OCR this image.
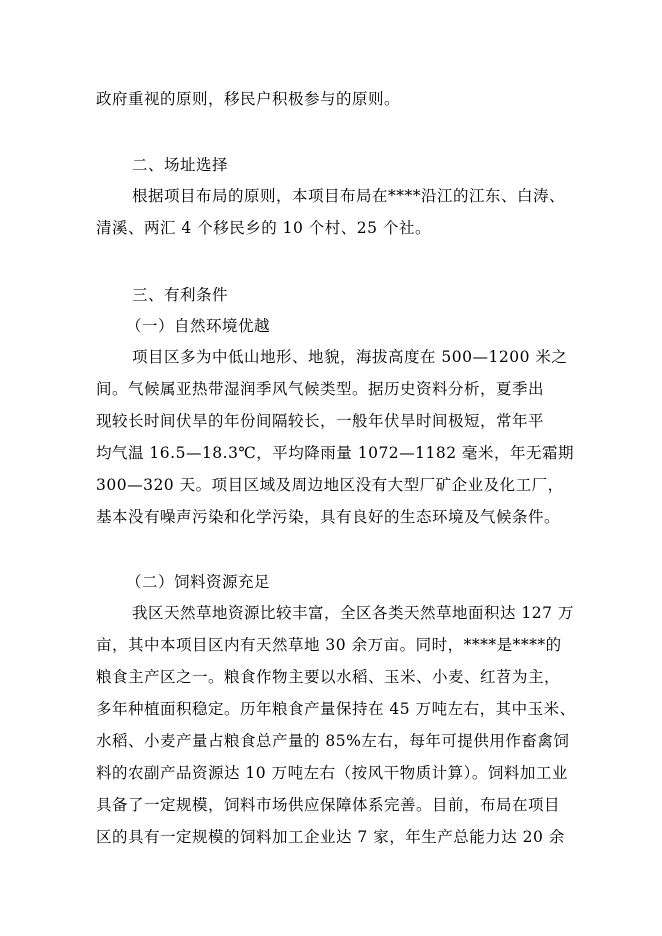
政府重视的原则，移民户积极参与的原则。
二、场址选择
根据项目布局的原则，本项目布局在****沿江的江东、白涛、
清溪、两汇 4 个移民乡的 10 个村、25 个社。
三、有利条件
（一）自然环境优越
项目区多为中低山地形、地貌，海拔高度在 500—1200 米之
间。气候属亚热带湿润季风气候类型。据历史资料分析，夏季出
现较长时间伏旱的年份间隔较长，一般年伏旱时间极短，常年平
均气温 16.5—18.3℃，平均降雨量 1072—1182 毫米，年无霜期
300—320 天。项目区域及周边地区没有大型厂矿企业及化工厂，
基本没有噪声污染和化学污染，具有良好的生态环境及气候条件。
（二）饲料资源充足
我区天然草地资源比较丰富，全区各类天然草地面积达 127 万
亩，其中本项目区内有天然草地 30 余万亩。同时，****是****的
粮食主产区之一。粮食作物主要以水稻、玉米、小麦、红苕为主，
多年种植面积稳定。历年粮食产量保持在 45 万吨左右，其中玉米、
水稻、小麦产量占粮食总产量的 85%左右，每年可提供用作畜禽饲
料的农副产品资源达 10 万吨左右（按风干物质计算）。饲料加工业
具备了一定规模，饲料市场供应保障体系完善。目前，布局在项目
区的具有一定规模的饲料加工企业达 7 家，年生产总能力达 20 余
